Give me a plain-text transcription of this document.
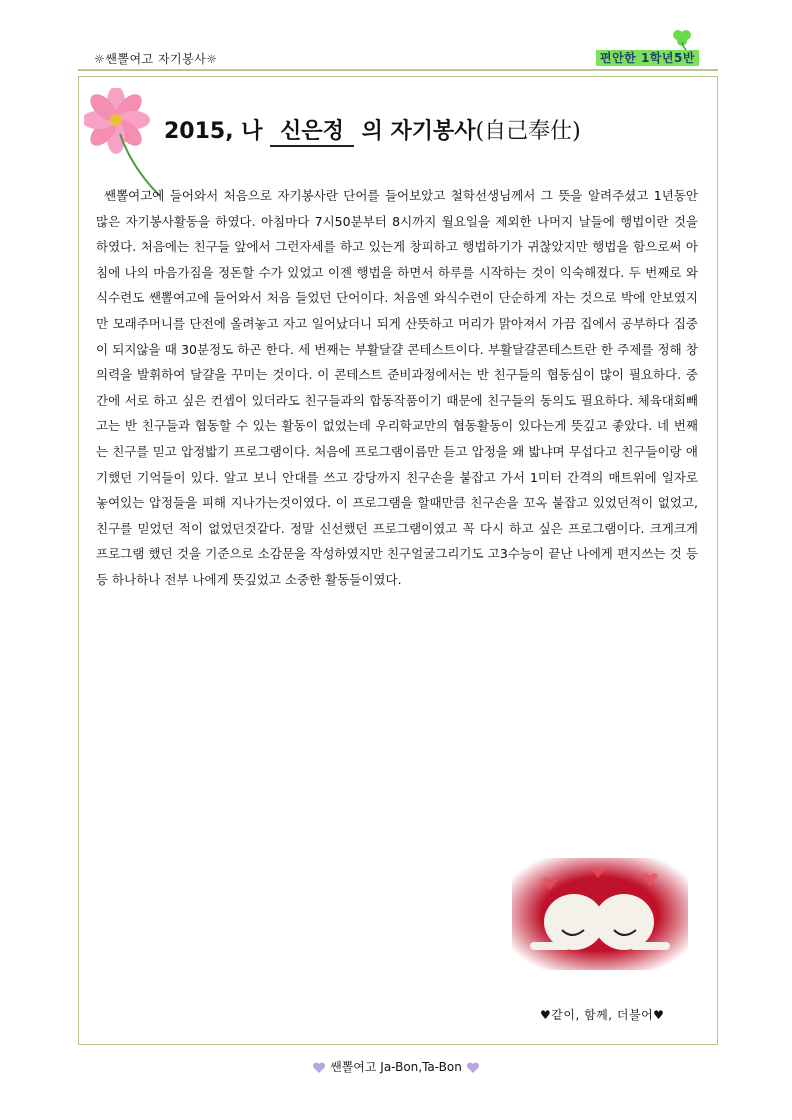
☼쌘뽈여고 자기봉사☼	편안한 1학년5반
2015, 나 신은정 의 자기봉사(自己奉仕)

쌘뽈여고에 들어와서 처음으로 자기봉사란 단어를 들어보았고 철학선생님께서 그 뜻을 알려주셨고 1년동안 많은 자기봉사활동을 하였다. 아침마다 7시50분부터 8시까지 월요일을 제외한 나머지 날들에 행법이란 것을 하였다. 처음에는 친구들 앞에서 그런자세를 하고 있는게 창피하고 행법하기가 귀찮았지만 행법을 함으로써 아침에 나의 마음가짐을 정돈할 수가 있었고 이젠 행법을 하면서 하루를 시작하는 것이 익숙해졌다. 두 번째로 와식수련도 쌘뽈여고에 들어와서 처음 들었던 단어이다. 처음엔 와식수련이 단순하게 자는 것으로 박에 안보였지만 모래주머니를 단전에 올려놓고 자고 일어났더니 되게 산뜻하고 머리가 맑아져서 가끔 집에서 공부하다 집중이 되지않을 때 30분정도 하곤 한다. 세 번째는 부활달걀 콘테스트이다. 부활달걀콘테스트란 한 주제를 정해 창의력을 발휘하여 달걀을 꾸미는 것이다. 이 콘테스트 준비과정에서는 반 친구들의 협동심이 많이 필요하다. 중간에 서로 하고 싶은 컨셉이 있더라도 친구들과의 합동작품이기 때문에 친구들의 동의도 필요하다. 체육대회빼고는 반 친구들과 협동할 수 있는 활동이 없었는데 우리학교만의 협동활동이 있다는게 뜻깊고 좋았다. 네 번째는 친구를 믿고 압정밟기 프로그램이다. 처음에 프로그램이름만 듣고 압정을 왜 밟냐며 무섭다고 친구들이랑 얘기했던 기억들이 있다. 알고 보니 안대를 쓰고 강당까지 친구손을 붙잡고 가서 1미터 간격의 매트위에 일자로 놓여있는 압정들을 피해 지나가는것이였다. 이 프로그램을 할때만큼 친구손을 꼬옥 붙잡고 있었던적이 없었고, 친구를 믿었던 적이 없었던것같다. 정말 신선했던 프로그램이였고 꼭 다시 하고 싶은 프로그램이다. 크게크게 프로그램 했던 것을 기준으로 소감문을 작성하였지만 친구얼굴그리기도 고3수능이 끝난 나에게 편지쓰는 것 등등 하나하나 전부 나에게 뜻깊었고 소중한 활동들이였다.

♥같이, 함께, 더불어♥
쌘뽈여고 Ja-Bon,Ta-Bon
